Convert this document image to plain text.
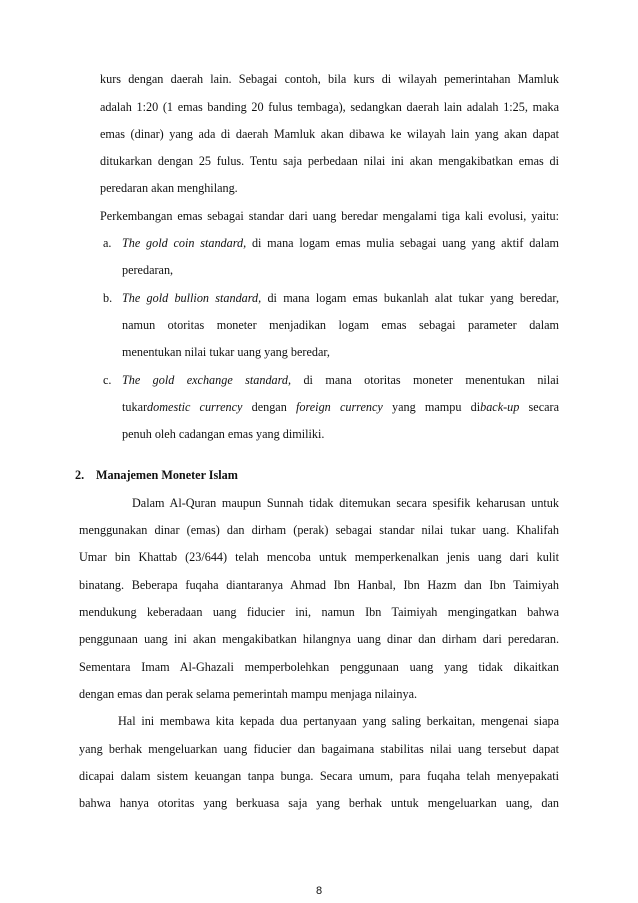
kurs dengan daerah lain. Sebagai contoh, bila kurs di wilayah pemerintahan Mamluk
adalah 1:20 (1 emas banding 20 fulus tembaga), sedangkan daerah lain adalah 1:25, maka
emas (dinar) yang ada di daerah Mamluk akan dibawa ke wilayah lain yang akan dapat
ditukarkan dengan 25 fulus. Tentu saja perbedaan nilai ini akan mengakibatkan emas di
peredaran akan menghilang.
Perkembangan emas sebagai standar dari uang beredar mengalami tiga kali evolusi, yaitu:
a. The gold coin standard, di mana logam emas mulia sebagai uang yang aktif dalam
peredaran,
b. The gold bullion standard, di mana logam emas bukanlah alat tukar yang beredar,
namun otoritas moneter menjadikan logam emas sebagai parameter dalam
menentukan nilai tukar uang yang beredar,
c. The gold exchange standard, di mana otoritas moneter menentukan nilai
tukardomestic currency dengan foreign currency yang mampu diback-up secara
penuh oleh cadangan emas yang dimiliki.
2. Manajemen Moneter Islam
Dalam Al-Quran maupun Sunnah tidak ditemukan secara spesifik keharusan untuk
menggunakan dinar (emas) dan dirham (perak) sebagai standar nilai tukar uang. Khalifah
Umar bin Khattab (23/644) telah mencoba untuk memperkenalkan jenis uang dari kulit
binatang. Beberapa fuqaha diantaranya Ahmad Ibn Hanbal, Ibn Hazm dan Ibn Taimiyah
mendukung keberadaan uang fiducier ini, namun Ibn Taimiyah mengingatkan bahwa
penggunaan uang ini akan mengakibatkan hilangnya uang dinar dan dirham dari peredaran.
Sementara Imam Al-Ghazali memperbolehkan penggunaan uang yang tidak dikaitkan
dengan emas dan perak selama pemerintah mampu menjaga nilainya.
Hal ini membawa kita kepada dua pertanyaan yang saling berkaitan, mengenai siapa
yang berhak mengeluarkan uang fiducier dan bagaimana stabilitas nilai uang tersebut dapat
dicapai dalam sistem keuangan tanpa bunga. Secara umum, para fuqaha telah menyepakati
bahwa hanya otoritas yang berkuasa saja yang berhak untuk mengeluarkan uang, dan
8
